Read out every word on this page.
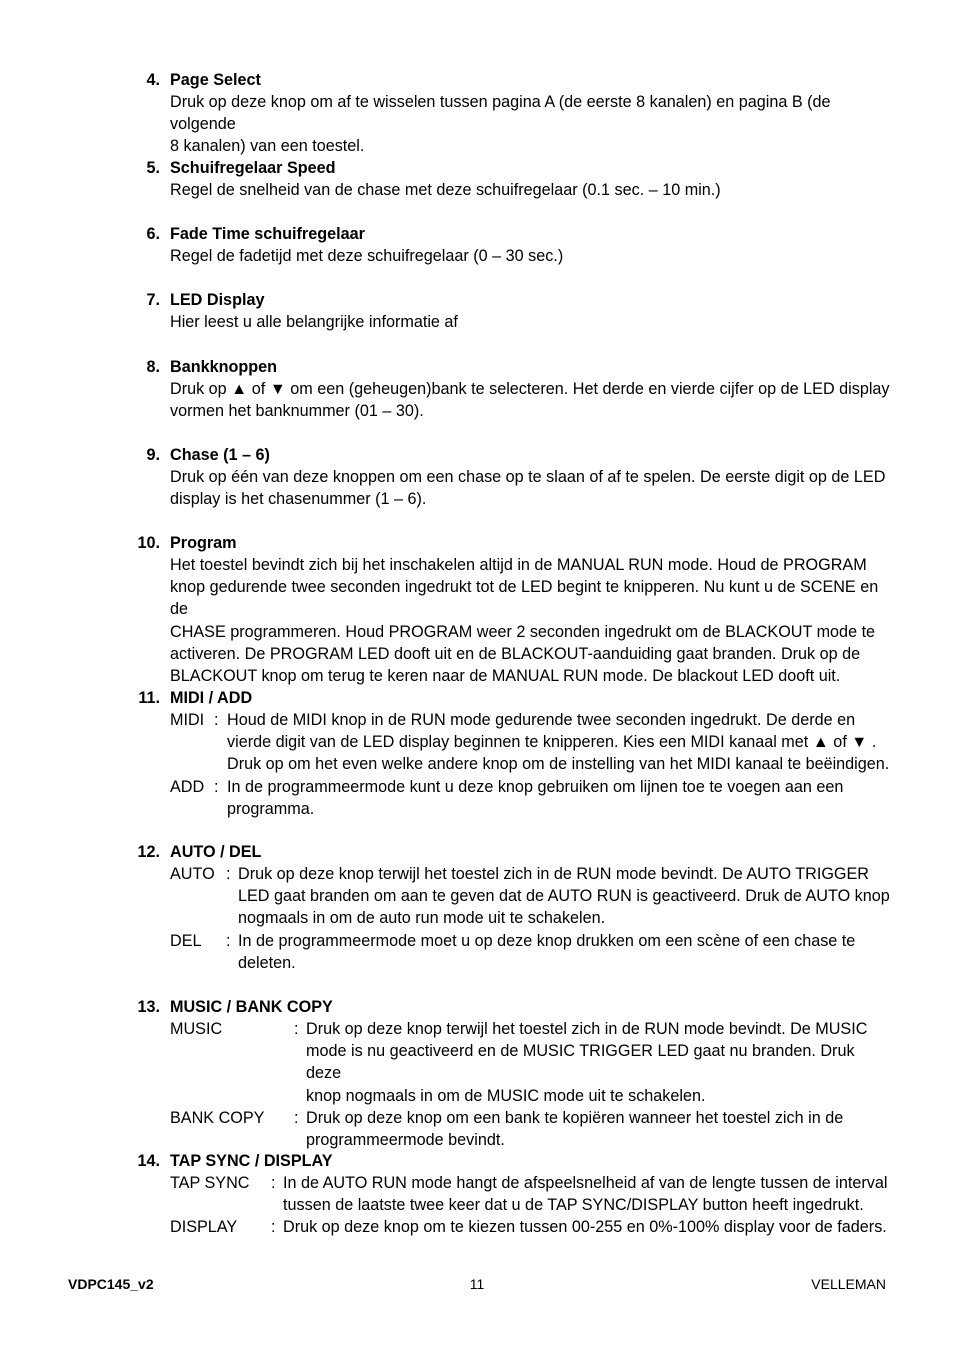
4. Page Select

Druk op deze knop om af te wisselen tussen pagina A (de eerste 8 kanalen) en pagina B (de volgende

8 kanalen) van een toestel.

5. Schuifregelaar Speed

Regel de snelheid van de chase met deze schuifregelaar (0.1 sec. – 10 min.)

6. Fade Time schuifregelaar

Regel de fadetijd met deze schuifregelaar (0 – 30 sec.)

7. LED Display

Hier leest u alle belangrijke informatie af

8. Bankknoppen

Druk op ▲ of ▼ om een (geheugen)bank te selecteren. Het derde en vierde cijfer op de LED display

vormen het banknummer (01 – 30).

9. Chase (1 – 6)

Druk op één van deze knoppen om een chase op te slaan of af te spelen. De eerste digit op de LED

display is het chasenummer (1 – 6).

10. Program

Het toestel bevindt zich bij het inschakelen altijd in de MANUAL RUN mode. Houd de PROGRAM

knop gedurende twee seconden ingedrukt tot de LED begint te knipperen. Nu kunt u de SCENE en de

CHASE programmeren. Houd PROGRAM weer 2 seconden ingedrukt om de BLACKOUT mode te

activeren. De PROGRAM LED dooft uit en de BLACKOUT-aanduiding gaat branden. Druk op de

BLACKOUT knop om terug te keren naar de MANUAL RUN mode. De blackout LED dooft uit.

11. MIDI / ADD
MIDI : Houd de MIDI knop in de RUN mode gedurende twee seconden ingedrukt. De derde en

vierde digit van de LED display beginnen te knipperen. Kies een MIDI kanaal met ▲ of ▼ .

Druk op om het even welke andere knop om de instelling van het MIDI kanaal te beëindigen.

ADD : In de programmeermode kunt u deze knop gebruiken om lijnen toe te voegen aan een

programma.

12. AUTO / DEL
AUTO : Druk op deze knop terwijl het toestel zich in de RUN mode bevindt. De AUTO TRIGGER

LED gaat branden om aan te geven dat de AUTO RUN is geactiveerd. Druk de AUTO knop

nogmaals in om de auto run mode uit te schakelen.

DEL : In de programmeermode moet u op deze knop drukken om een scène of een chase te

deleten.

13. MUSIC / BANK COPY
MUSIC	: Druk op deze knop terwijl het toestel zich in de RUN mode bevindt. De MUSIC

mode is nu geactiveerd en de MUSIC TRIGGER LED gaat nu branden. Druk deze

knop nogmaals in om de MUSIC mode uit te schakelen.

BANK COPY : Druk op deze knop om een bank te kopiëren wanneer het toestel zich in de

programmeermode bevindt.

14. TAP SYNC / DISPLAY
TAP SYNC : In de AUTO RUN mode hangt de afspeelsnelheid af van de lengte tussen de interval

tussen de laatste twee keer dat u de TAP SYNC/DISPLAY button heeft ingedrukt.

DISPLAY : Druk op deze knop om te kiezen tussen 00-255 en 0%-100% display voor de faders.

VDPC145_v2	11	VELLEMAN
